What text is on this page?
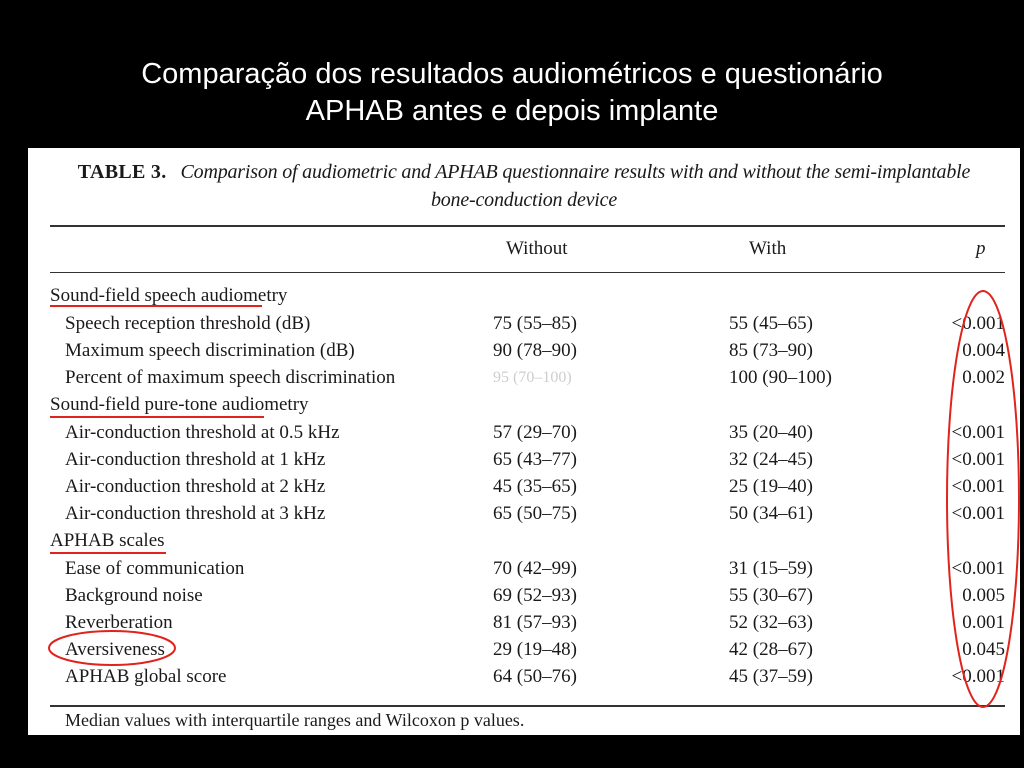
Comparação dos resultados audiométricos e questionário
APHAB antes e depois implante
TABLE 3. Comparison of audiometric and APHAB questionnaire results with and without the semi-implantable
bone-conduction device
Without	With	p
Sound-field speech audiometry
Speech reception threshold (dB)	75 (55–85)	55 (45–65)	<0.001
Maximum speech discrimination (dB)	90 (78–90)	85 (73–90)	0.004
Percent of maximum speech discrimination	95 (70–100)	100 (90–100)	0.002
Sound-field pure-tone audiometry
Air-conduction threshold at 0.5 kHz	57 (29–70)	35 (20–40)	<0.001
Air-conduction threshold at 1 kHz	65 (43–77)	32 (24–45)	<0.001
Air-conduction threshold at 2 kHz	45 (35–65)	25 (19–40)	<0.001
Air-conduction threshold at 3 kHz	65 (50–75)	50 (34–61)	<0.001
APHAB scales
Ease of communication	70 (42–99)	31 (15–59)	<0.001
Background noise	69 (52–93)	55 (30–67)	0.005
Reverberation	81 (57–93)	52 (32–63)	0.001
Aversiveness	29 (19–48)	42 (28–67)	0.045
APHAB global score	64 (50–76)	45 (37–59)	<0.001
Median values with interquartile ranges and Wilcoxon p values.
